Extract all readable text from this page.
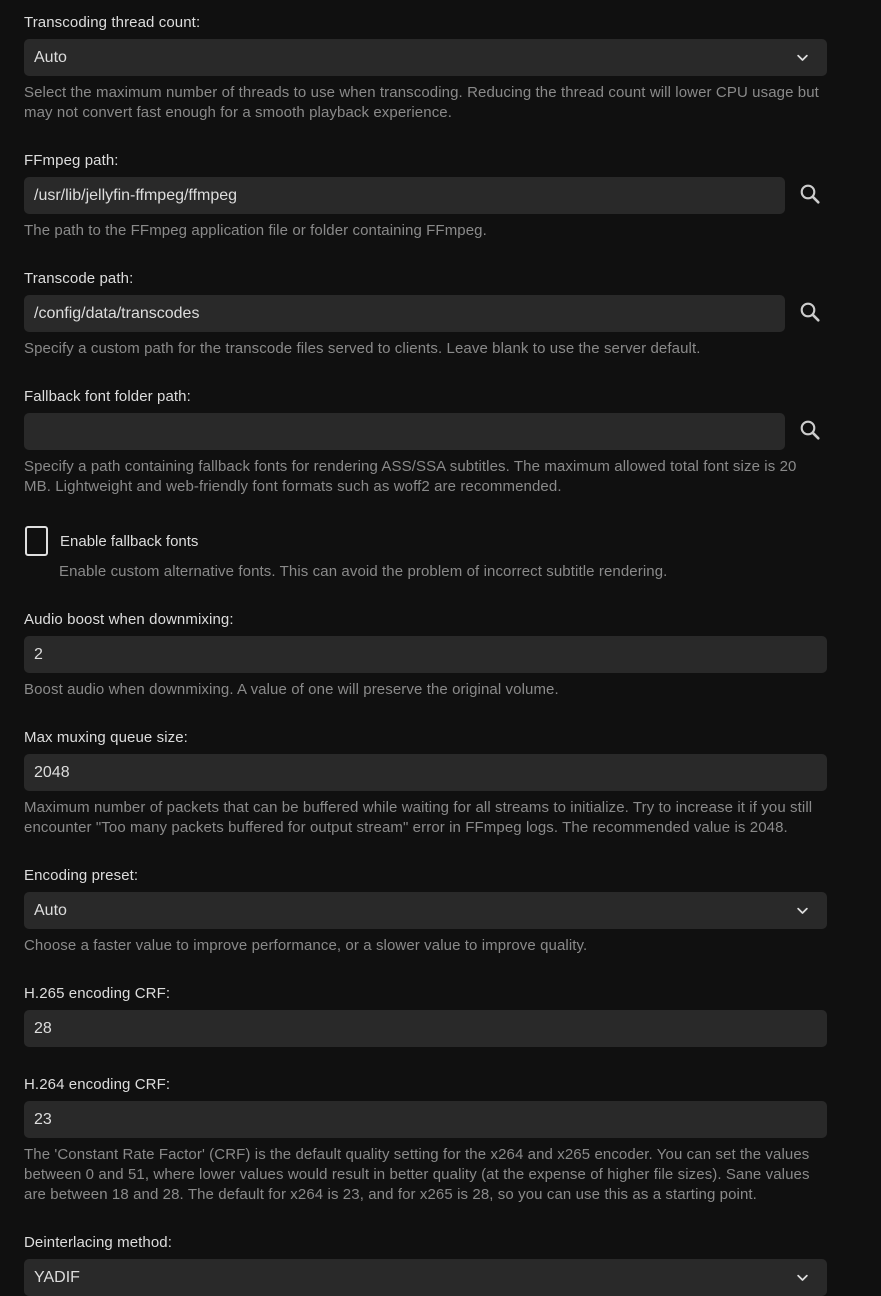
Transcoding thread count:
Auto
Select the maximum number of threads to use when transcoding. Reducing the thread count will lower CPU usage but may not convert fast enough for a smooth playback experience.
FFmpeg path:
/usr/lib/jellyfin-ffmpeg/ffmpeg
The path to the FFmpeg application file or folder containing FFmpeg.
Transcode path:
/config/data/transcodes
Specify a custom path for the transcode files served to clients. Leave blank to use the server default.
Fallback font folder path:
Specify a path containing fallback fonts for rendering ASS/SSA subtitles. The maximum allowed total font size is 20 MB. Lightweight and web-friendly font formats such as woff2 are recommended.
Enable fallback fonts
Enable custom alternative fonts. This can avoid the problem of incorrect subtitle rendering.
Audio boost when downmixing:
2
Boost audio when downmixing. A value of one will preserve the original volume.
Max muxing queue size:
2048
Maximum number of packets that can be buffered while waiting for all streams to initialize. Try to increase it if you still encounter "Too many packets buffered for output stream" error in FFmpeg logs. The recommended value is 2048.
Encoding preset:
Auto
Choose a faster value to improve performance, or a slower value to improve quality.
H.265 encoding CRF:
28
H.264 encoding CRF:
23
The 'Constant Rate Factor' (CRF) is the default quality setting for the x264 and x265 encoder. You can set the values between 0 and 51, where lower values would result in better quality (at the expense of higher file sizes). Sane values are between 18 and 28. The default for x264 is 23, and for x265 is 28, so you can use this as a starting point.
Deinterlacing method:
YADIF
